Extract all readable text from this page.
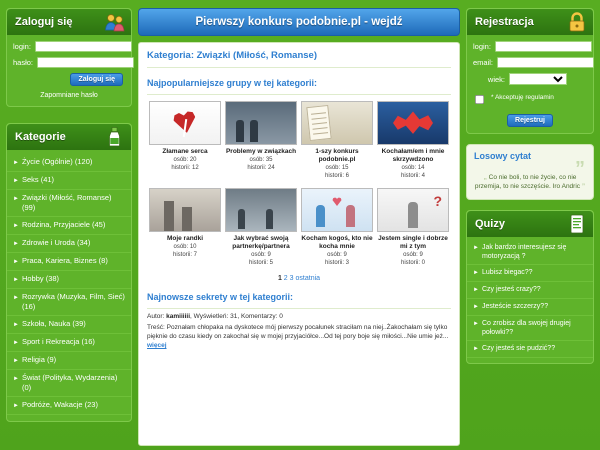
Zaloguj się
login:
hasło:
Zaloguj się
Zapomniane hasło
Kategorie
► Życie (Ogólnie) (120)
► Seks (41)
► Związki (Miłość, Romanse) (99)
► Rodzina, Przyjaciele (45)
► Zdrowie i Uroda (34)
► Praca, Kariera, Biznes (8)
► Hobby (38)
► Rozrywka (Muzyka, Film, Sieć) (16)
► Szkoła, Nauka (39)
► Sport i Rekreacja (16)
► Religia (9)
► Świat (Polityka, Wydarzenia) (0)
► Podróże, Wakacje (23)
Pierwszy konkurs podobnie.pl - wejdź
Kategoria: Związki (Miłość, Romanse)
Najpopularniejsze grupy w tej kategorii:
Złamane serca
osób: 20
historii: 12
Problemy w związkach
osób: 35
historii: 24
1-szy konkurs podobnie.pl
osób: 15
historii: 6
Kochałam/em i mnie skrzywdzono
osób: 14
historii: 4
Moje randki
osób: 10
historii: 7
Jak wybrać swoją partnerkę/partnera
osób: 9
historii: 5
Kocham kogoś, kto nie kocha mnie
osób: 9
historii: 3
?
Jestem single i dobrze mi z tym
osób: 9
historii: 0
1 2 3 ostatnia
Najnowsze sekrety w tej kategorii:
Autor: kamiiiiii, Wyświetleń: 31, Komentarzy: 0
Treść: Poznałam chłopaka na dyskotece mój pierwszy pocałunek straciłam na niej..Żakochałam się tylko pięknie do czasu kiedy on zakochał się w mojej przyjaciółce...Od tej pory boje się miłości...Nie umie jeż... więcej
Rejestracja
login:
email:
wiek:
* Akceptuję regulamin
Rejestruj
Losowy cytat
”
„ Co nie boli, to nie życie, co nie przemija, to nie szczęście. Iro Andric ”
Quizy
► Jak bardzo interesujesz się motoryzacją ?
► Lubisz biegac??
► Czy jesteś crazy??
► Jesteście szczerzy??
► Co zrobisz dla swojej drugiej połowki??
► Czy jesteś sie pudzić??
